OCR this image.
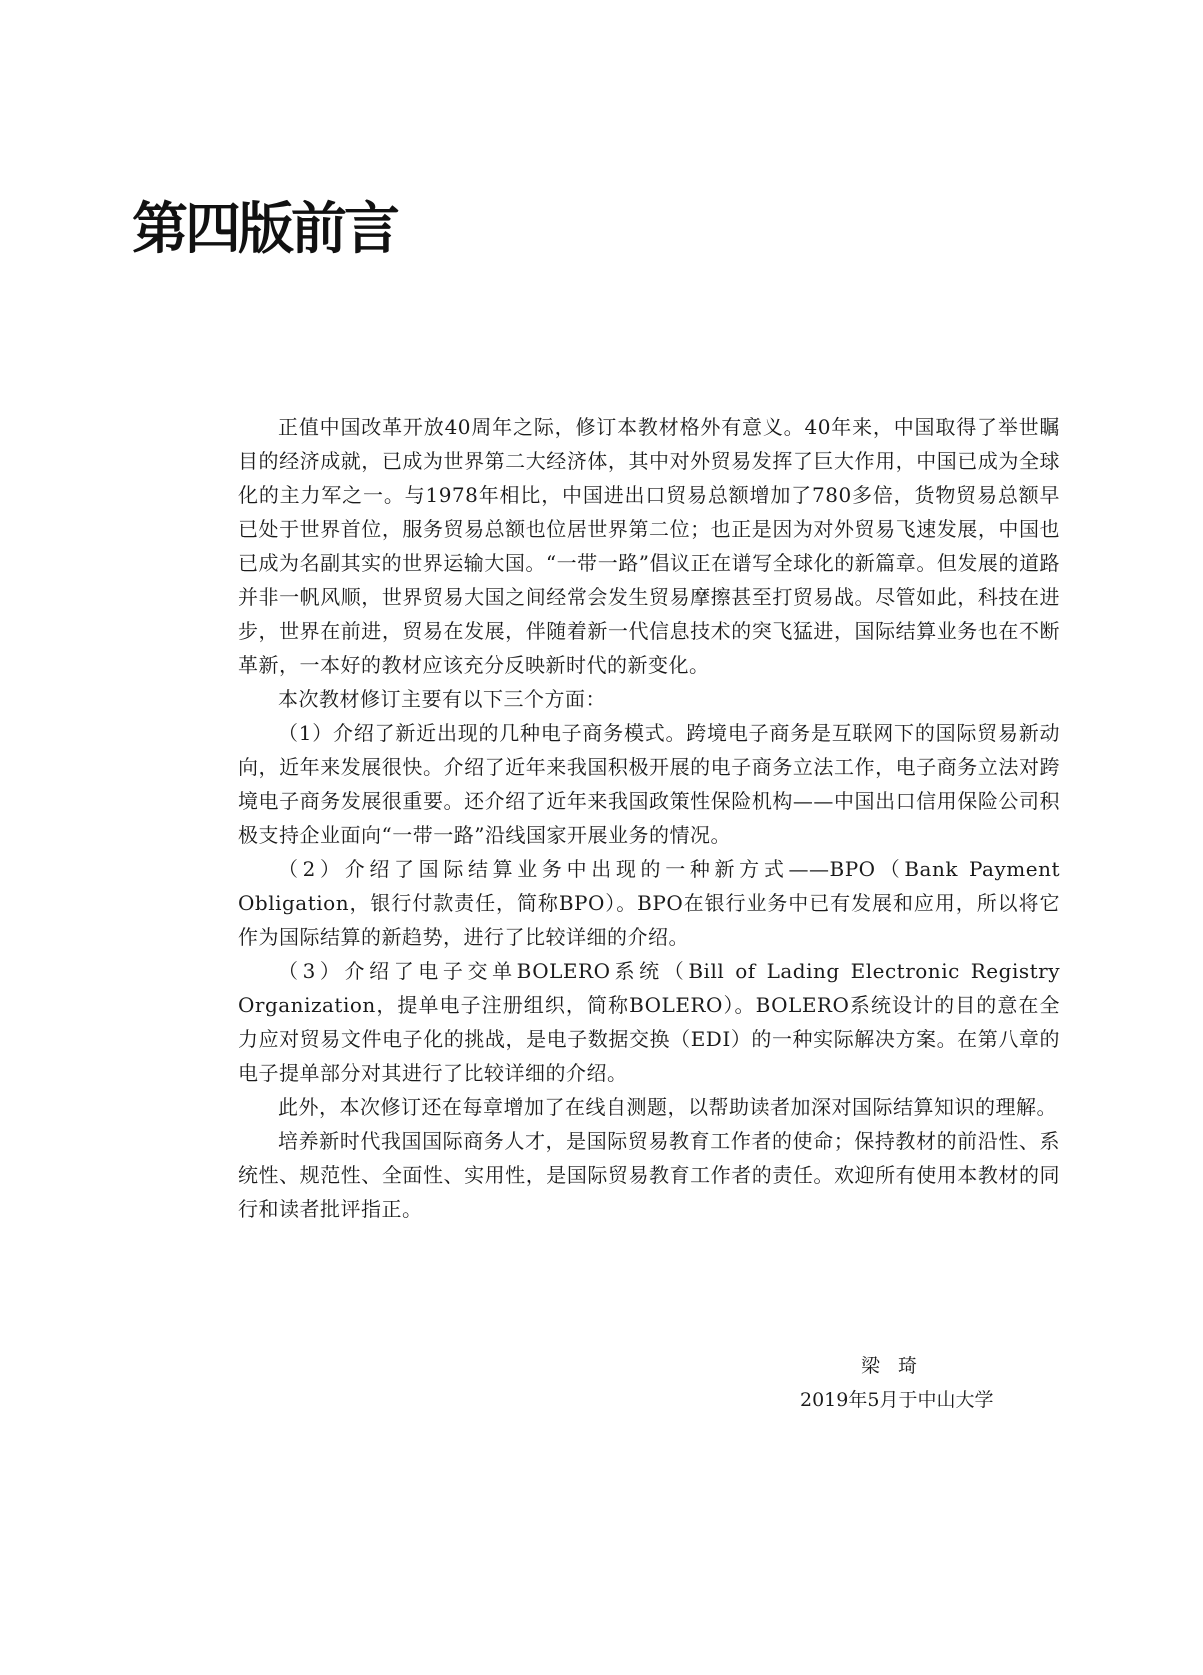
第四版前言

正值中国改革开放40周年之际，修订本教材格外有意义。40年来，中国取得了举世瞩目的经济成就，已成为世界第二大经济体，其中对外贸易发挥了巨大作用，中国已成为全球化的主力军之一。与1978年相比，中国进出口贸易总额增加了780多倍，货物贸易总额早已处于世界首位，服务贸易总额也位居世界第二位；也正是因为对外贸易飞速发展，中国也已成为名副其实的世界运输大国。“一带一路”倡议正在谱写全球化的新篇章。但发展的道路并非一帆风顺，世界贸易大国之间经常会发生贸易摩擦甚至打贸易战。尽管如此，科技在进步，世界在前进，贸易在发展，伴随着新一代信息技术的突飞猛进，国际结算业务也在不断革新，一本好的教材应该充分反映新时代的新变化。

本次教材修订主要有以下三个方面：

（1）介绍了新近出现的几种电子商务模式。跨境电子商务是互联网下的国际贸易新动向，近年来发展很快。介绍了近年来我国积极开展的电子商务立法工作，电子商务立法对跨境电子商务发展很重要。还介绍了近年来我国政策性保险机构——中国出口信用保险公司积极支持企业面向“一带一路”沿线国家开展业务的情况。

（2）介绍了国际结算业务中出现的一种新方式——BPO（Bank Payment Obligation，银行付款责任，简称BPO）。BPO在银行业务中已有发展和应用，所以将它作为国际结算的新趋势，进行了比较详细的介绍。

（3）介绍了电子交单BOLERO系统（Bill of Lading Electronic Registry Organization，提单电子注册组织，简称BOLERO）。BOLERO系统设计的目的意在全力应对贸易文件电子化的挑战，是电子数据交换（EDI）的一种实际解决方案。在第八章的电子提单部分对其进行了比较详细的介绍。

此外，本次修订还在每章增加了在线自测题，以帮助读者加深对国际结算知识的理解。

培养新时代我国国际商务人才，是国际贸易教育工作者的使命；保持教材的前沿性、系统性、规范性、全面性、实用性，是国际贸易教育工作者的责任。欢迎所有使用本教材的同行和读者批评指正。

梁琦
2019年5月于中山大学
